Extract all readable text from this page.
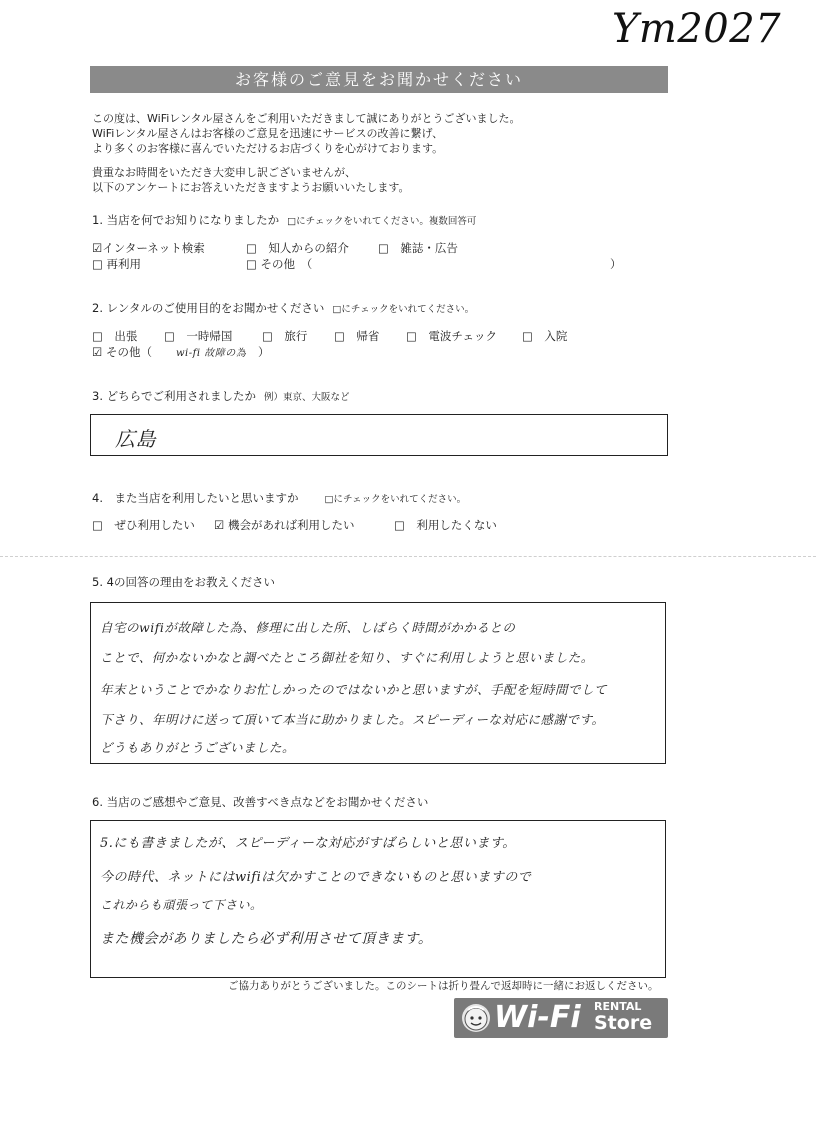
Ym2027
お客様のご意見をお聞かせください
この度は、WiFiレンタル屋さんをご利用いただきまして誠にありがとうございました。
WiFiレンタル屋さんはお客様のご意見を迅速にサービスの改善に繋げ、
より多くのお客様に喜んでいただけるお店づくりを心がけております。
貴重なお時間をいただき大変申し訳ございませんが、
以下のアンケートにお答えいただきますようお願いいたします。
1. 当店を何でお知りになりましたか □にチェックをいれてください。複数回答可
☑インターネット検索	□　知人からの紹介	□　雑誌・広告
□ 再利用	□ その他　（	）
2. レンタルのご使用目的をお聞かせください □にチェックをいれてください。
□　出張 □　一時帰国	□　旅行 □　帰省 □　電波チェック □　入院
☑ その他（ wi-fi 故障の為 ）
3. どちらでご利用されましたか 例）東京、大阪など
広島
4.　また当店を利用したいと思いますか	□にチェックをいれてください。
□　ぜひ利用したい ☑ 機会があれば利用したい	□　利用したくない
5. 4の回答の理由をお教えください
自宅のwifiが故障した為、修理に出した所、しばらく時間がかかるとの
ことで、何かないかなと調べたところ御社を知り、すぐに利用しようと思いました。
年末ということでかなりお忙しかったのではないかと思いますが、手配を短時間でして
下さり、年明けに送って頂いて本当に助かりました。スピーディーな対応に感謝です。
どうもありがとうございました。
6. 当店のご感想やご意見、改善すべき点などをお聞かせください
5.にも書きましたが、スピーディーな対応がすばらしいと思います。
今の時代、ネットにはwifiは欠かすことのできないものと思いますので
これからも頑張って下さい。
また機会がありましたら必ず利用させて頂きます。
ご協力ありがとうございました。このシートは折り畳んで返却時に一緒にお返しください。
Wi-Fi RENTAL
Store
